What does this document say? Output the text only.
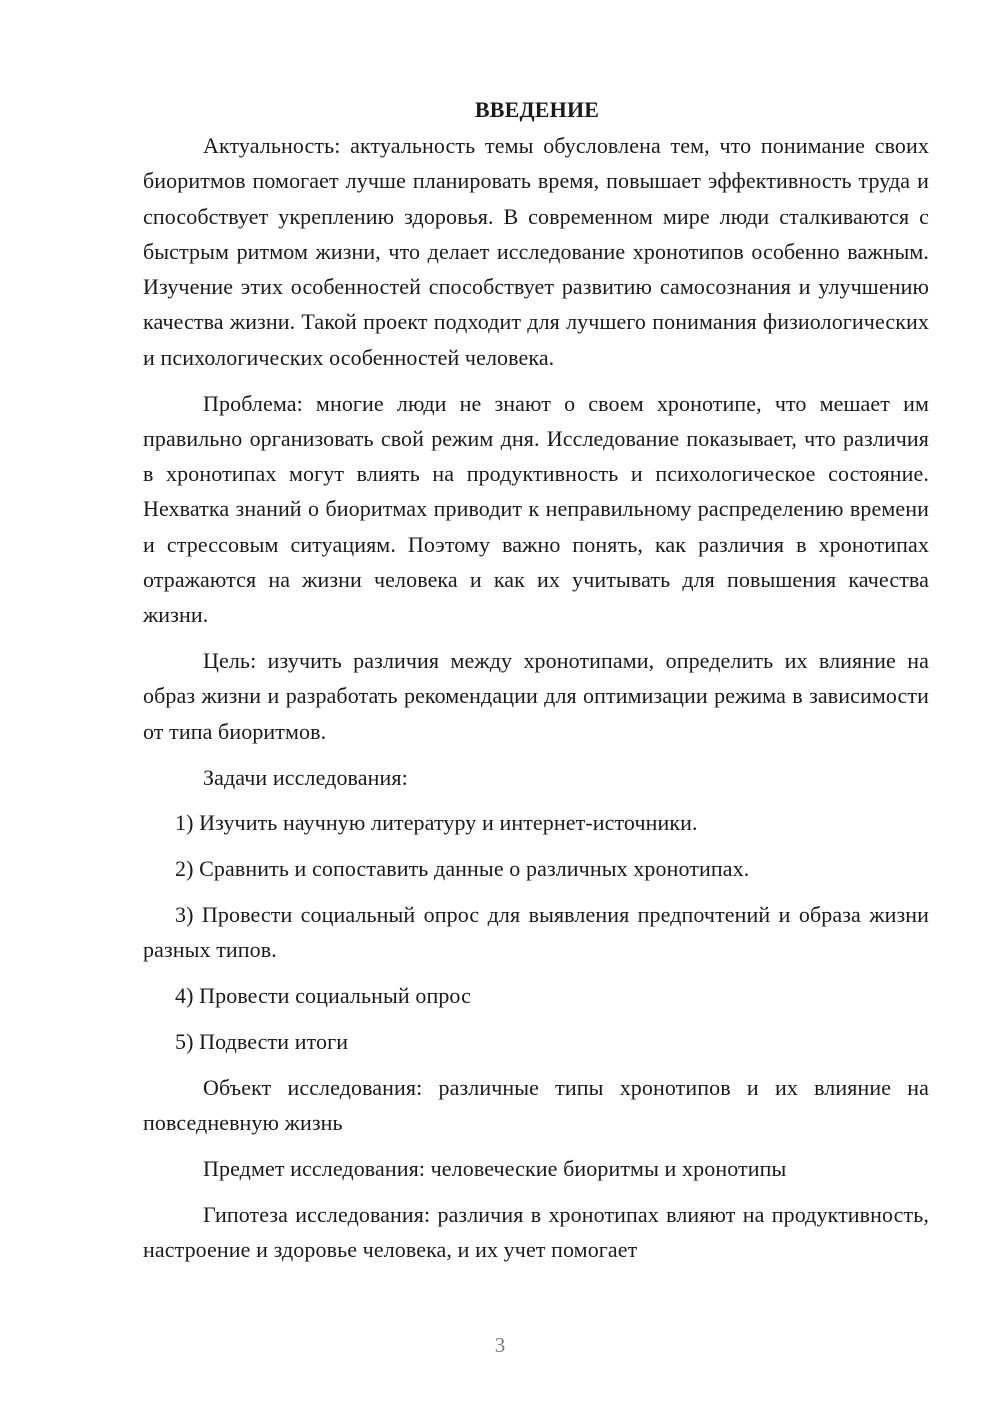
ВВЕДЕНИЕ

Актуальность: актуальность темы обусловлена тем, что понимание своих биоритмов помогает лучше планировать время, повышает эффективность труда и способствует укреплению здоровья. В современном мире люди сталкиваются с быстрым ритмом жизни, что делает исследование хронотипов особенно важным. Изучение этих особенностей способствует развитию самосознания и улучшению качества жизни. Такой проект подходит для лучшего понимания физиологических и психологических особенностей человека.

Проблема: многие люди не знают о своем хронотипе, что мешает им правильно организовать свой режим дня. Исследование показывает, что различия в хронотипах могут влиять на продуктивность и психологическое состояние. Нехватка знаний о биоритмах приводит к неправильному распределению времени и стрессовым ситуациям. Поэтому важно понять, как различия в хронотипах отражаются на жизни человека и как их учитывать для повышения качества жизни.

Цель: изучить различия между хронотипами, определить их влияние на образ жизни и разработать рекомендации для оптимизации режима в зависимости от типа биоритмов.

Задачи исследования:

1) Изучить научную литературу и интернет-источники.

2) Сравнить и сопоставить данные о различных хронотипах.

3) Провести социальный опрос для выявления предпочтений и образа жизни разных типов.

4) Провести социальный опрос

5) Подвести итоги

Объект исследования: различные типы хронотипов и их влияние на повседневную жизнь

Предмет исследования: человеческие биоритмы и хронотипы

Гипотеза исследования: различия в хронотипах влияют на продуктивность, настроение и здоровье человека, и их учет помогает

3
